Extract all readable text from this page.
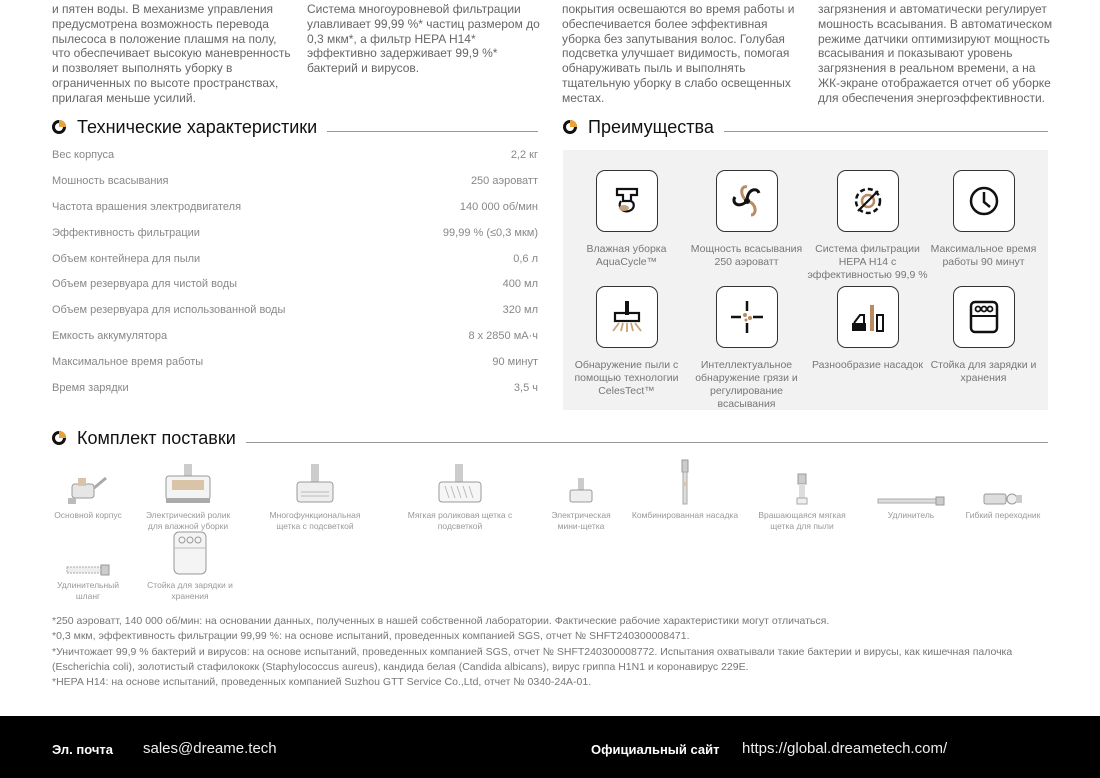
и пятен воды. В механизме управления предусмотрена возможность перевода пылесоса в положение плашмя на полу, что обеспечивает высокую маневренность и позволяет выполнять уборку в ограниченных по высоте пространствах, прилагая меньше усилий.
Система многоуровневой фильтрации улавливает 99,99 %* частиц размером до 0,3 мкм*, а фильтр HEPA H14* эффективно задерживает 99,9 %* бактерий и вирусов.
покрытия освешаются во время работы и обеспечивается более эффективная уборка без запутывания волос. Голубая подсветка улучшает видимость, помогая обнаруживать пыль и выполнять тщательную уборку в слабо освещенных местах.
загрязнения и автоматически регулирует мошность всасывания. В автоматическом режиме датчики оптимизируют мощность всасывания и показывают уровень загрязнения в реальном времени, а на ЖК-экране отображается отчет об уборке для обеспечения энергоэффективности.
Технические характеристики
Вес корпуса	2,2 кг
Мошность всасывания	250 аэроватт
Частота врашения электродвигателя	140 000 об/мин
Эффективность фильтрации	99,99 % (≤0,3 мкм)
Объем контейнера для пыли	0,6 л
Объем резервуара для чистой воды	400 мл
Объем резервуара для использованной воды	320 мл
Емкость аккумулятора	8 x 2850 мА·ч
Максимальное время работы	90 минут
Время зарядки	3,5 ч
Преимущества
Влажная уборка AquaCycle™
Мощность всасывания 250 аэроватт
Система фильтрации HEPA H14 с эффективностью 99,9 %
Максимальное время работы 90 минут
Обнаружение пыли с помощью технологии CelesTect™
Интеллектуальное обнаружение грязи и регулирование всасывания
Разнообразие насадок Стойка для зарядки и хранения
Комплект поставки
Основной корпус	Электрический ролик для влажной уборки
Многофункциональная щетка с подсветкой
Мягкая роликовая щетка с подсветкой
Электрическая мини-щетка
Комбинированная насадка	Врашающаяся мягкая щетка для пыли
Удлинитель	Гибкий переходник
Удлинительный шланг
Стойка для зарядки и хранения
*250 аэроватт, 140 000 об/мин: на основании данных, полученных в нашей собственной лаборатории. Фактические рабочие характеристики могут отличаться.
*0,3 мкм, эффективность фильтрации 99,99 %: на основе испытаний, проведенных компанией SGS, отчет № SHFT240300008471.
*Уничтожает 99,9 % бактерий и вирусов: на основе испытаний, проведенных компанией SGS, отчет № SHFT240300008772. Испытания охватывали такие бактерии и вирусы, как кишечная палочка (Escherichia coli), золотистый стафилококк (Staphylococcus aureus), кандида белая (Candida albicans), вирус гриппа H1N1 и коронавирус 229E.
*HEPA H14: на основе испытаний, проведенных компанией Suzhou GTT Service Co.,Ltd, отчет № 0340-24A-01.
Эл. почта sales@dreame.tech	Официальный сайт https://global.dreametech.com/
